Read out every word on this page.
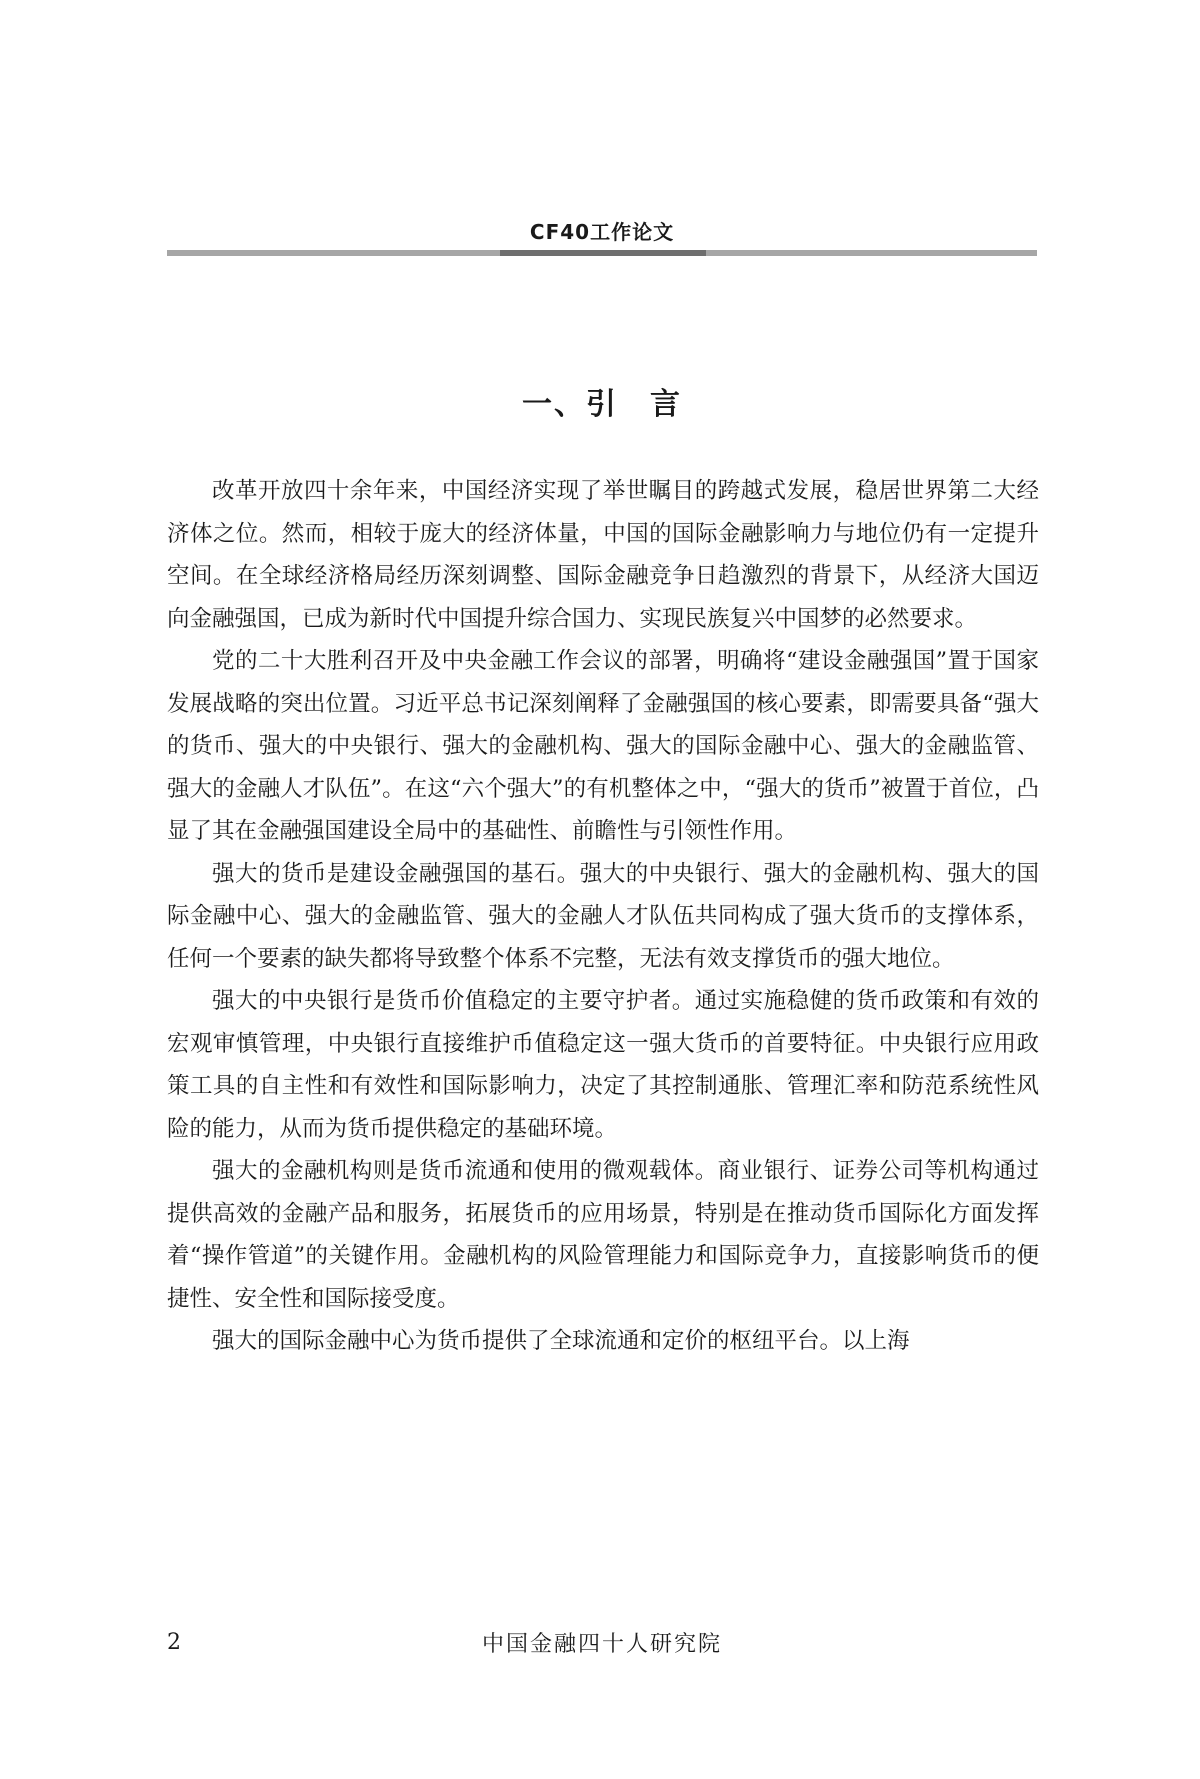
CF40工作论文
一、引　言

改革开放四十余年来，中国经济实现了举世瞩目的跨越式发展，稳居世界第二大经济体之位。然而，相较于庞大的经济体量，中国的国际金融影响力与地位仍有一定提升空间。在全球经济格局经历深刻调整、国际金融竞争日趋激烈的背景下，从经济大国迈向金融强国，已成为新时代中国提升综合国力、实现民族复兴中国梦的必然要求。

党的二十大胜利召开及中央金融工作会议的部署，明确将“建设金融强国”置于国家发展战略的突出位置。习近平总书记深刻阐释了金融强国的核心要素，即需要具备“强大的货币、强大的中央银行、强大的金融机构、强大的国际金融中心、强大的金融监管、强大的金融人才队伍”。在这“六个强大”的有机整体之中，“强大的货币”被置于首位，凸显了其在金融强国建设全局中的基础性、前瞻性与引领性作用。

强大的货币是建设金融强国的基石。强大的中央银行、强大的金融机构、强大的国际金融中心、强大的金融监管、强大的金融人才队伍共同构成了强大货币的支撑体系，任何一个要素的缺失都将导致整个体系不完整，无法有效支撑货币的强大地位。

强大的中央银行是货币价值稳定的主要守护者。通过实施稳健的货币政策和有效的宏观审慎管理，中央银行直接维护币值稳定这一强大货币的首要特征。中央银行应用政策工具的自主性和有效性和国际影响力，决定了其控制通胀、管理汇率和防范系统性风险的能力，从而为货币提供稳定的基础环境。

强大的金融机构则是货币流通和使用的微观载体。商业银行、证券公司等机构通过提供高效的金融产品和服务，拓展货币的应用场景，特别是在推动货币国际化方面发挥着“操作管道”的关键作用。金融机构的风险管理能力和国际竞争力，直接影响货币的便捷性、安全性和国际接受度。

强大的国际金融中心为货币提供了全球流通和定价的枢纽平台。以上海

2	中国金融四十人研究院
